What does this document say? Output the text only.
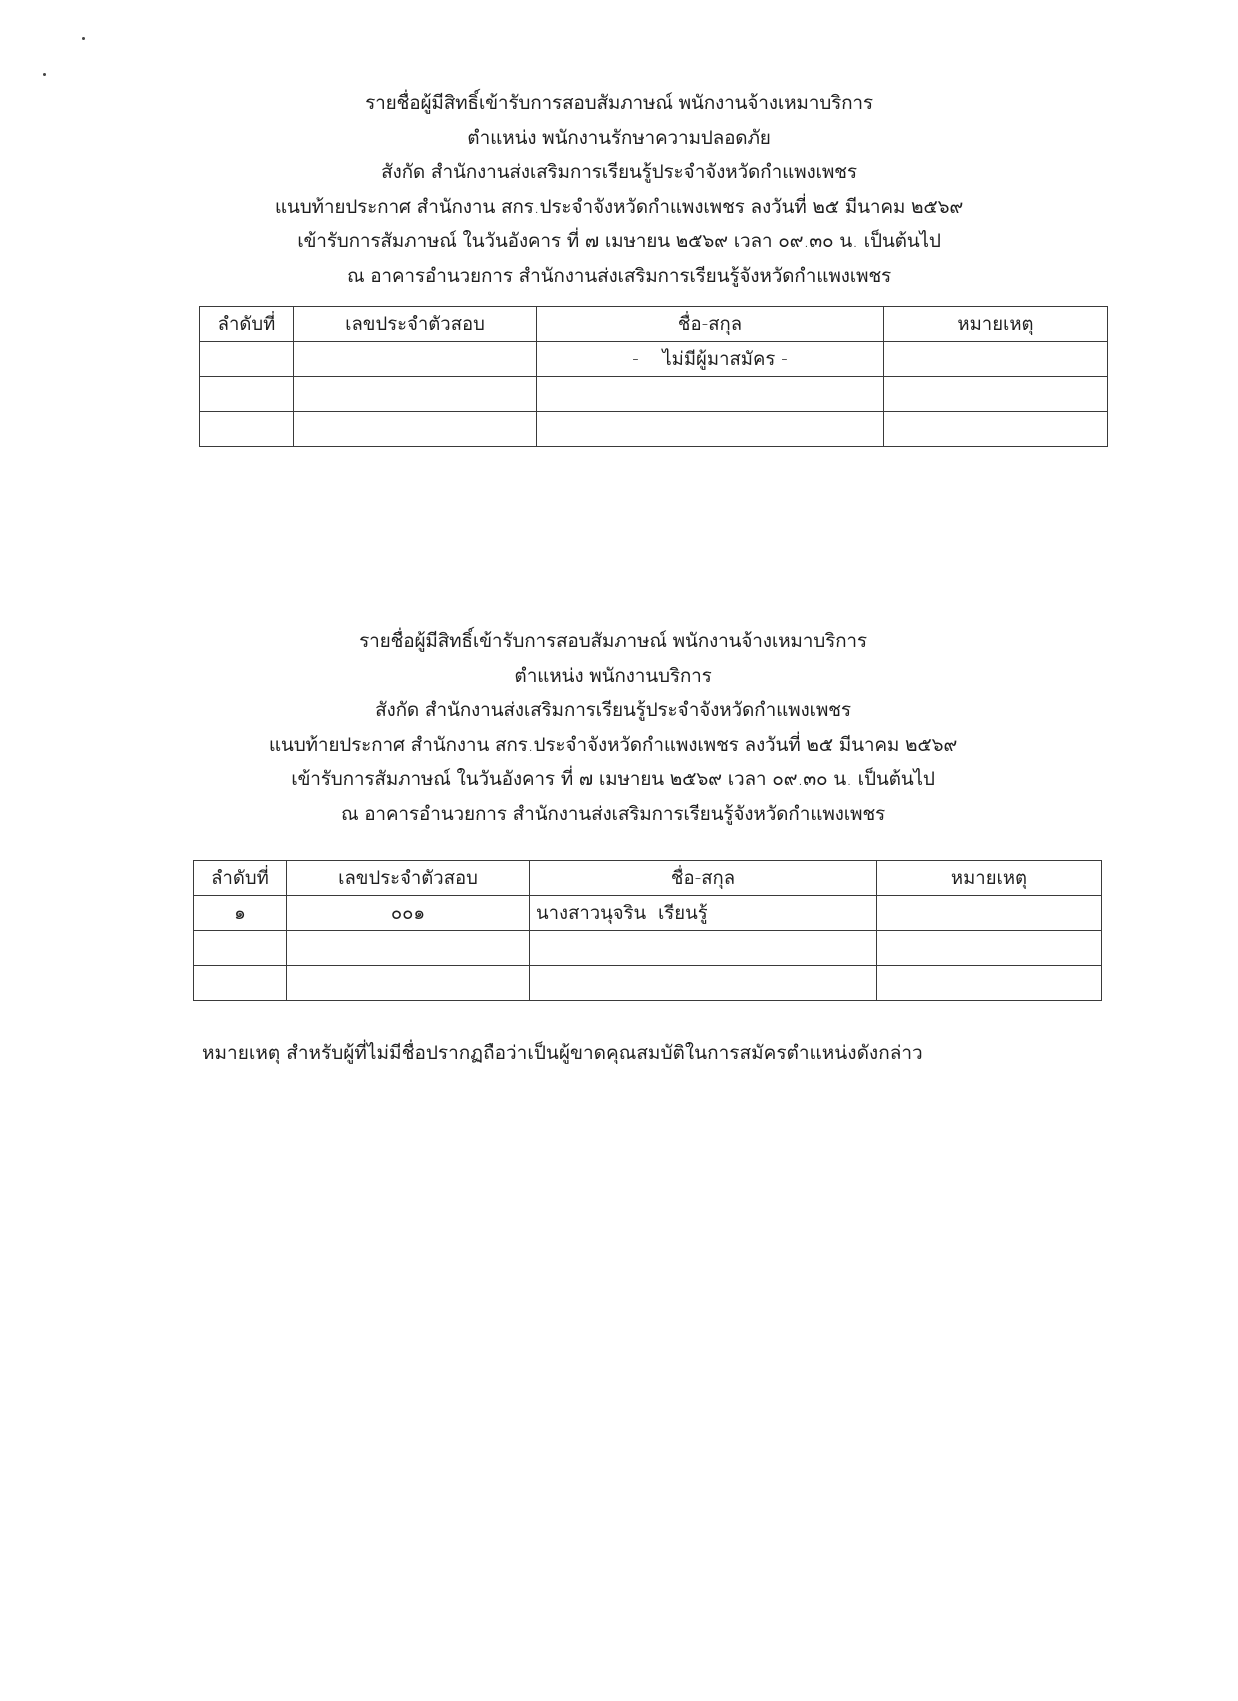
รายชื่อผู้มีสิทธิ์เข้ารับการสอบสัมภาษณ์ พนักงานจ้างเหมาบริการ
ตำแหน่ง พนักงานรักษาความปลอดภัย
สังกัด สำนักงานส่งเสริมการเรียนรู้ประจำจังหวัดกำแพงเพชร
แนบท้ายประกาศ สำนักงาน สกร.ประจำจังหวัดกำแพงเพชร ลงวันที่ ๒๕ มีนาคม ๒๕๖๙
เข้ารับการสัมภาษณ์ ในวันอังคาร ที่ ๗ เมษายน ๒๕๖๙ เวลา ๐๙.๓๐ น. เป็นต้นไป
ณ อาคารอำนวยการ สำนักงานส่งเสริมการเรียนรู้จังหวัดกำแพงเพชร
ลำดับที่	เลขประจำตัวสอบ	ชื่อ-สกุล	หมายเหตุ
		-    ไม่มีผู้มาสมัคร -	

รายชื่อผู้มีสิทธิ์เข้ารับการสอบสัมภาษณ์ พนักงานจ้างเหมาบริการ
ตำแหน่ง พนักงานบริการ
สังกัด สำนักงานส่งเสริมการเรียนรู้ประจำจังหวัดกำแพงเพชร
แนบท้ายประกาศ สำนักงาน สกร.ประจำจังหวัดกำแพงเพชร ลงวันที่ ๒๕ มีนาคม ๒๕๖๙
เข้ารับการสัมภาษณ์ ในวันอังคาร ที่ ๗ เมษายน ๒๕๖๙ เวลา ๐๙.๓๐ น. เป็นต้นไป
ณ อาคารอำนวยการ สำนักงานส่งเสริมการเรียนรู้จังหวัดกำแพงเพชร
ลำดับที่	เลขประจำตัวสอบ	ชื่อ-สกุล	หมายเหตุ
๑	๐๐๑	นางสาวนุจริน  เรียนรู้	

หมายเหตุ สำหรับผู้ที่ไม่มีชื่อปรากฏถือว่าเป็นผู้ขาดคุณสมบัติในการสมัครตำแหน่งดังกล่าว
